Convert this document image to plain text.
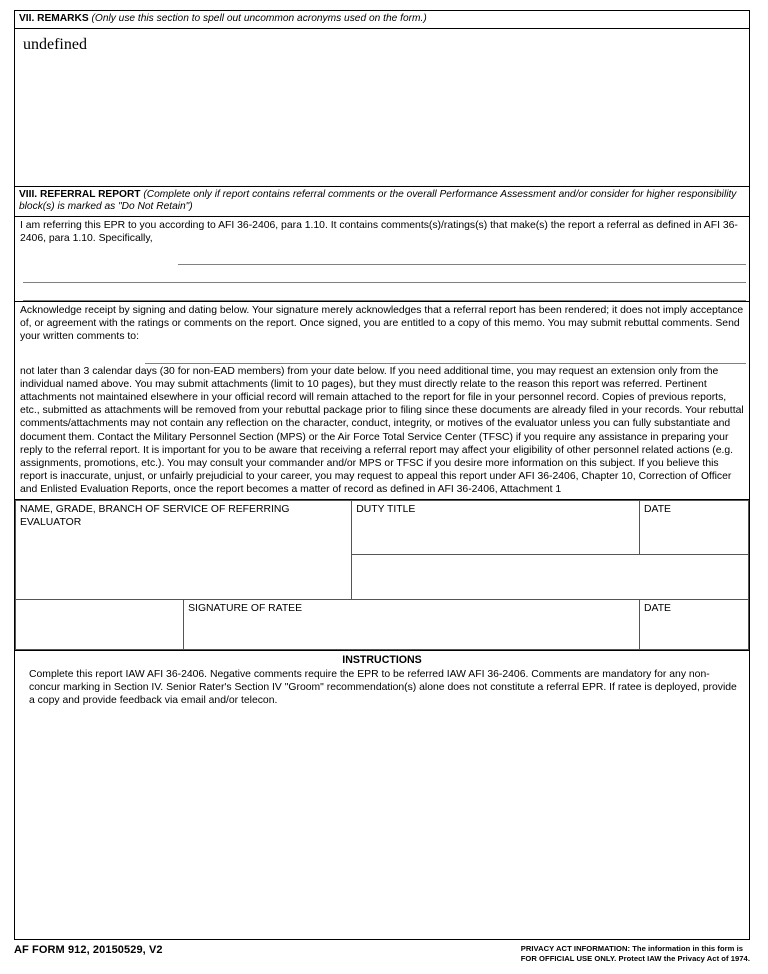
VII. REMARKS (Only use this section to spell out uncommon acronyms used on the form.)
undefined
VIII. REFERRAL REPORT (Complete only if report contains referral comments or the overall Performance Assessment and/or consider for higher responsibility block(s) is marked as "Do Not Retain")
I am referring this EPR to you according to AFI 36-2406, para 1.10. It contains comments(s)/ratings(s) that make(s) the report a referral as defined in AFI 36-2406, para 1.10. Specifically,
Acknowledge receipt by signing and dating below. Your signature merely acknowledges that a referral report has been rendered; it does not imply acceptance of, or agreement with the ratings or comments on the report. Once signed, you are entitled to a copy of this memo. You may submit rebuttal comments. Send your written comments to:
not later than 3 calendar days (30 for non-EAD members) from your date below. If you need additional time, you may request an extension only from the individual named above. You may submit attachments (limit to 10 pages), but they must directly relate to the reason this report was referred. Pertinent attachments not maintained elsewhere in your official record will remain attached to the report for file in your personnel record. Copies of previous reports, etc., submitted as attachments will be removed from your rebuttal package prior to filing since these documents are already filed in your records. Your rebuttal comments/attachments may not contain any reflection on the character, conduct, integrity, or motives of the evaluator unless you can fully substantiate and document them. Contact the Military Personnel Section (MPS) or the Air Force Total Service Center (TFSC) if you require any assistance in preparing your reply to the referral report. It is important for you to be aware that receiving a referral report may affect your eligibility of other personnel related actions (e.g. assignments, promotions, etc.). You may consult your commander and/or MPS or TFSC if you desire more information on this subject. If you believe this report is inaccurate, unjust, or unfairly prejudicial to your career, you may request to appeal this report under AFI 36-2406, Chapter 10, Correction of Officer and Enlisted Evaluation Reports, once the report becomes a matter of record as defined in AFI 36-2406, Attachment 1
NAME, GRADE, BRANCH OF SERVICE OF REFERRING EVALUATOR		DUTY TITLE	DATE

	SIGNATURE OF RATEE		DATE
INSTRUCTIONS
Complete this report IAW AFI 36-2406. Negative comments require the EPR to be referred IAW AFI 36-2406. Comments are mandatory for any non-concur marking in Section IV. Senior Rater's Section IV "Groom" recommendation(s) alone does not constitute a referral EPR. If ratee is deployed, provide a copy and provide feedback via email and/or telecon.
AF FORM 912, 20150529, V2	PRIVACY ACT INFORMATION: The information in this form is
FOR OFFICIAL USE ONLY. Protect IAW the Privacy Act of 1974.
